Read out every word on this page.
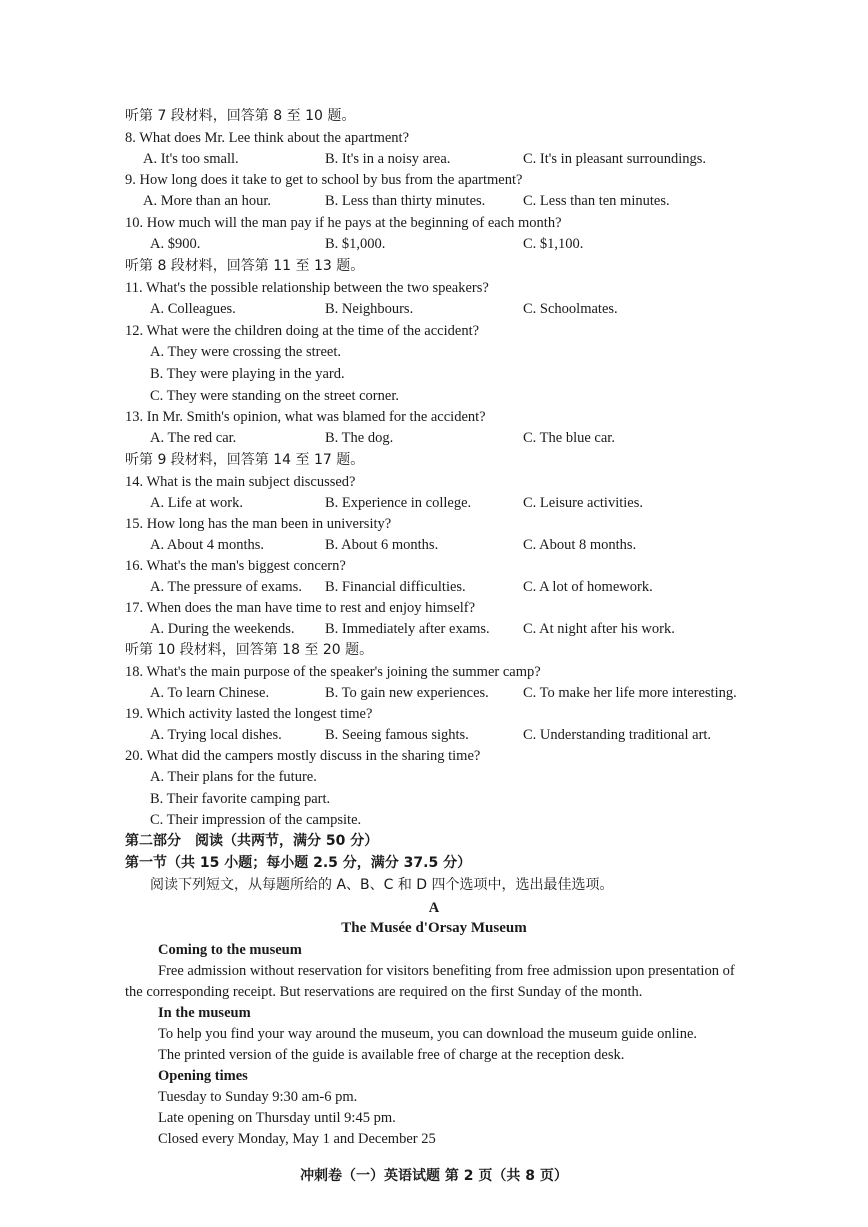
听第 7 段材料，回答第 8 至 10 题。
8. What does Mr. Lee think about the apartment?
A. It's too small.	B. It's in a noisy area.	C. It's in pleasant surroundings.
9. How long does it take to get to school by bus from the apartment?
A. More than an hour.	B. Less than thirty minutes.	C. Less than ten minutes.
10. How much will the man pay if he pays at the beginning of each month?
A. $900.	B. $1,000.	C. $1,100.
听第 8 段材料，回答第 11 至 13 题。
11. What's the possible relationship between the two speakers?
A. Colleagues.	B. Neighbours.	C. Schoolmates.
12. What were the children doing at the time of the accident?
A. They were crossing the street.
B. They were playing in the yard.
C. They were standing on the street corner.
13. In Mr. Smith's opinion, what was blamed for the accident?
A. The red car.	B. The dog.	C. The blue car.
听第 9 段材料，回答第 14 至 17 题。
14. What is the main subject discussed?
A. Life at work.	B. Experience in college.	C. Leisure activities.
15. How long has the man been in university?
A. About 4 months.	B. About 6 months.	C. About 8 months.
16. What's the man's biggest concern?
A. The pressure of exams. B. Financial difficulties.	C. A lot of homework.
17. When does the man have time to rest and enjoy himself?
A. During the weekends. B. Immediately after exams. C. At night after his work.
听第 10 段材料，回答第 18 至 20 题。
18. What's the main purpose of the speaker's joining the summer camp?
A. To learn Chinese.	B. To gain new experiences. C. To make her life more interesting.
19. Which activity lasted the longest time?
A. Trying local dishes.	B. Seeing famous sights.	C. Understanding traditional art.
20. What did the campers mostly discuss in the sharing time?
A. Their plans for the future.
B. Their favorite camping part.
C. Their impression of the campsite.
第二部分　阅读（共两节，满分 50 分）
第一节（共 15 小题；每小题 2.5 分，满分 37.5 分）
阅读下列短文，从每题所给的 A、B、C 和 D 四个选项中，选出最佳选项。
A
The Musée d'Orsay Museum
Coming to the museum
Free admission without reservation for visitors benefiting from free admission upon presentation of
the corresponding receipt. But reservations are required on the first Sunday of the month.
In the museum
To help you find your way around the museum, you can download the museum guide online.
The printed version of the guide is available free of charge at the reception desk.
Opening times
Tuesday to Sunday 9:30 am-6 pm.
Late opening on Thursday until 9:45 pm.
Closed every Monday, May 1 and December 25
冲刺卷（一）英语试题 第 2 页（共 8 页）
